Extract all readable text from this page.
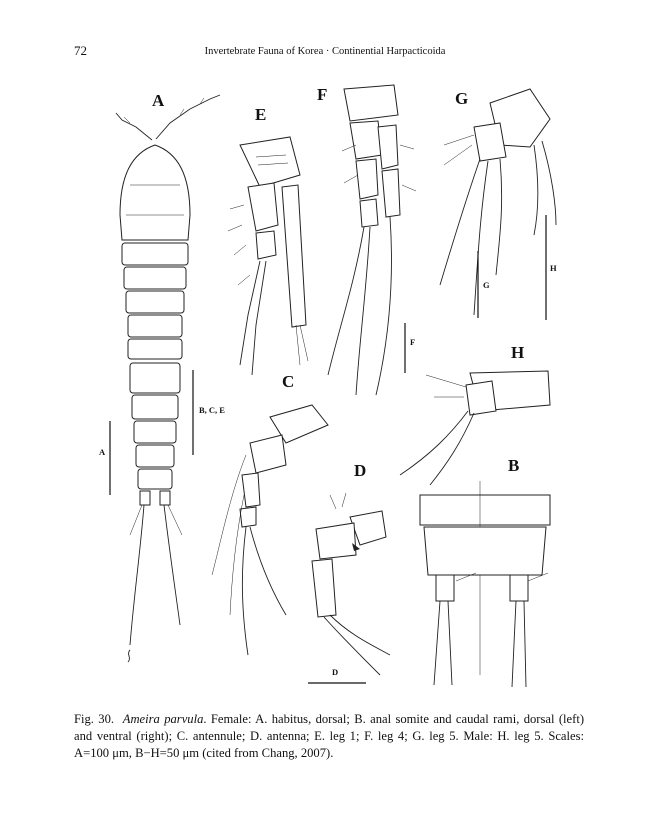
72	Invertebrate Fauna of Korea · Continential Harpacticoida
A
E
F	G
H
C
D	B
A
B, C, E
D
F
G
H
Fig. 30. Ameira parvula. Female: A. habitus, dorsal; B. anal somite and caudal rami, dorsal (left) and ventral (right); C. antennule; D. antenna; E. leg 1; F. leg 4; G. leg 5. Male: H. leg 5. Scales: A=100 μm, B−H=50 μm (cited from Chang, 2007).
